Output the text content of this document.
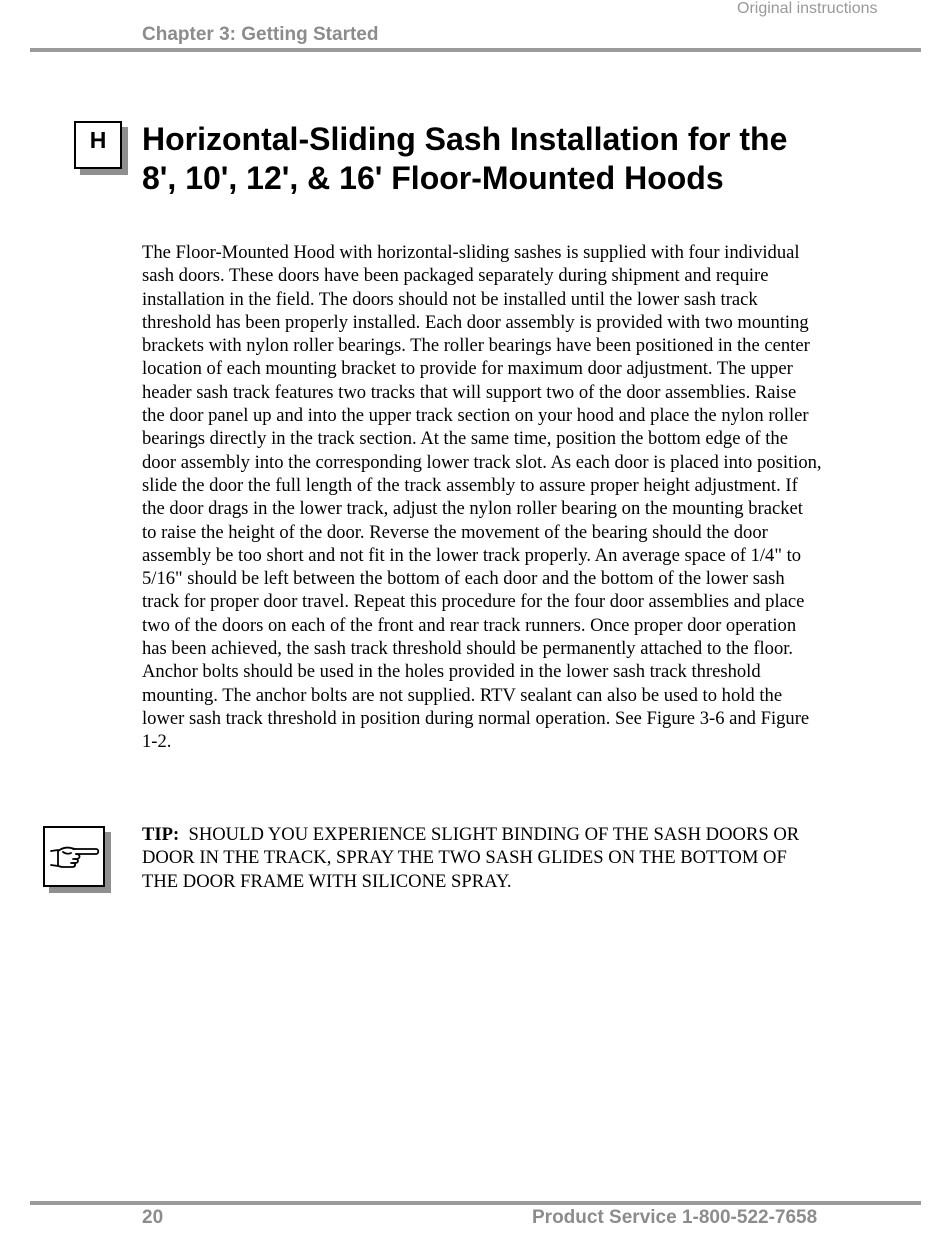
Original instructions
Chapter 3: Getting Started
H	Horizontal-Sliding Sash Installation for the 8', 10', 12', & 16' Floor-Mounted Hoods

The Floor-Mounted Hood with horizontal-sliding sashes is supplied with four individual sash doors. These doors have been packaged separately during shipment and require installation in the field. The doors should not be installed until the lower sash track threshold has been properly installed. Each door assembly is provided with two mounting brackets with nylon roller bearings. The roller bearings have been positioned in the center location of each mounting bracket to provide for maximum door adjustment. The upper header sash track features two tracks that will support two of the door assemblies. Raise the door panel up and into the upper track section on your hood and place the nylon roller bearings directly in the track section. At the same time, position the bottom edge of the door assembly into the corresponding lower track slot. As each door is placed into position, slide the door the full length of the track assembly to assure proper height adjustment. If the door drags in the lower track, adjust the nylon roller bearing on the mounting bracket to raise the height of the door. Reverse the movement of the bearing should the door assembly be too short and not fit in the lower track properly. An average space of 1/4" to 5/16" should be left between the bottom of each door and the bottom of the lower sash track for proper door travel. Repeat this procedure for the four door assemblies and place two of the doors on each of the front and rear track runners. Once proper door operation has been achieved, the sash track threshold should be permanently attached to the floor. Anchor bolts should be used in the holes provided in the lower sash track threshold mounting. The anchor bolts are not supplied. RTV sealant can also be used to hold the lower sash track threshold in position during normal operation. See Figure 3-6 and Figure 1-2.

TIP: SHOULD YOU EXPERIENCE SLIGHT BINDING OF THE SASH DOORS OR DOOR IN THE TRACK, SPRAY THE TWO SASH GLIDES ON THE BOTTOM OF THE DOOR FRAME WITH SILICONE SPRAY.

20	Product Service 1-800-522-7658
